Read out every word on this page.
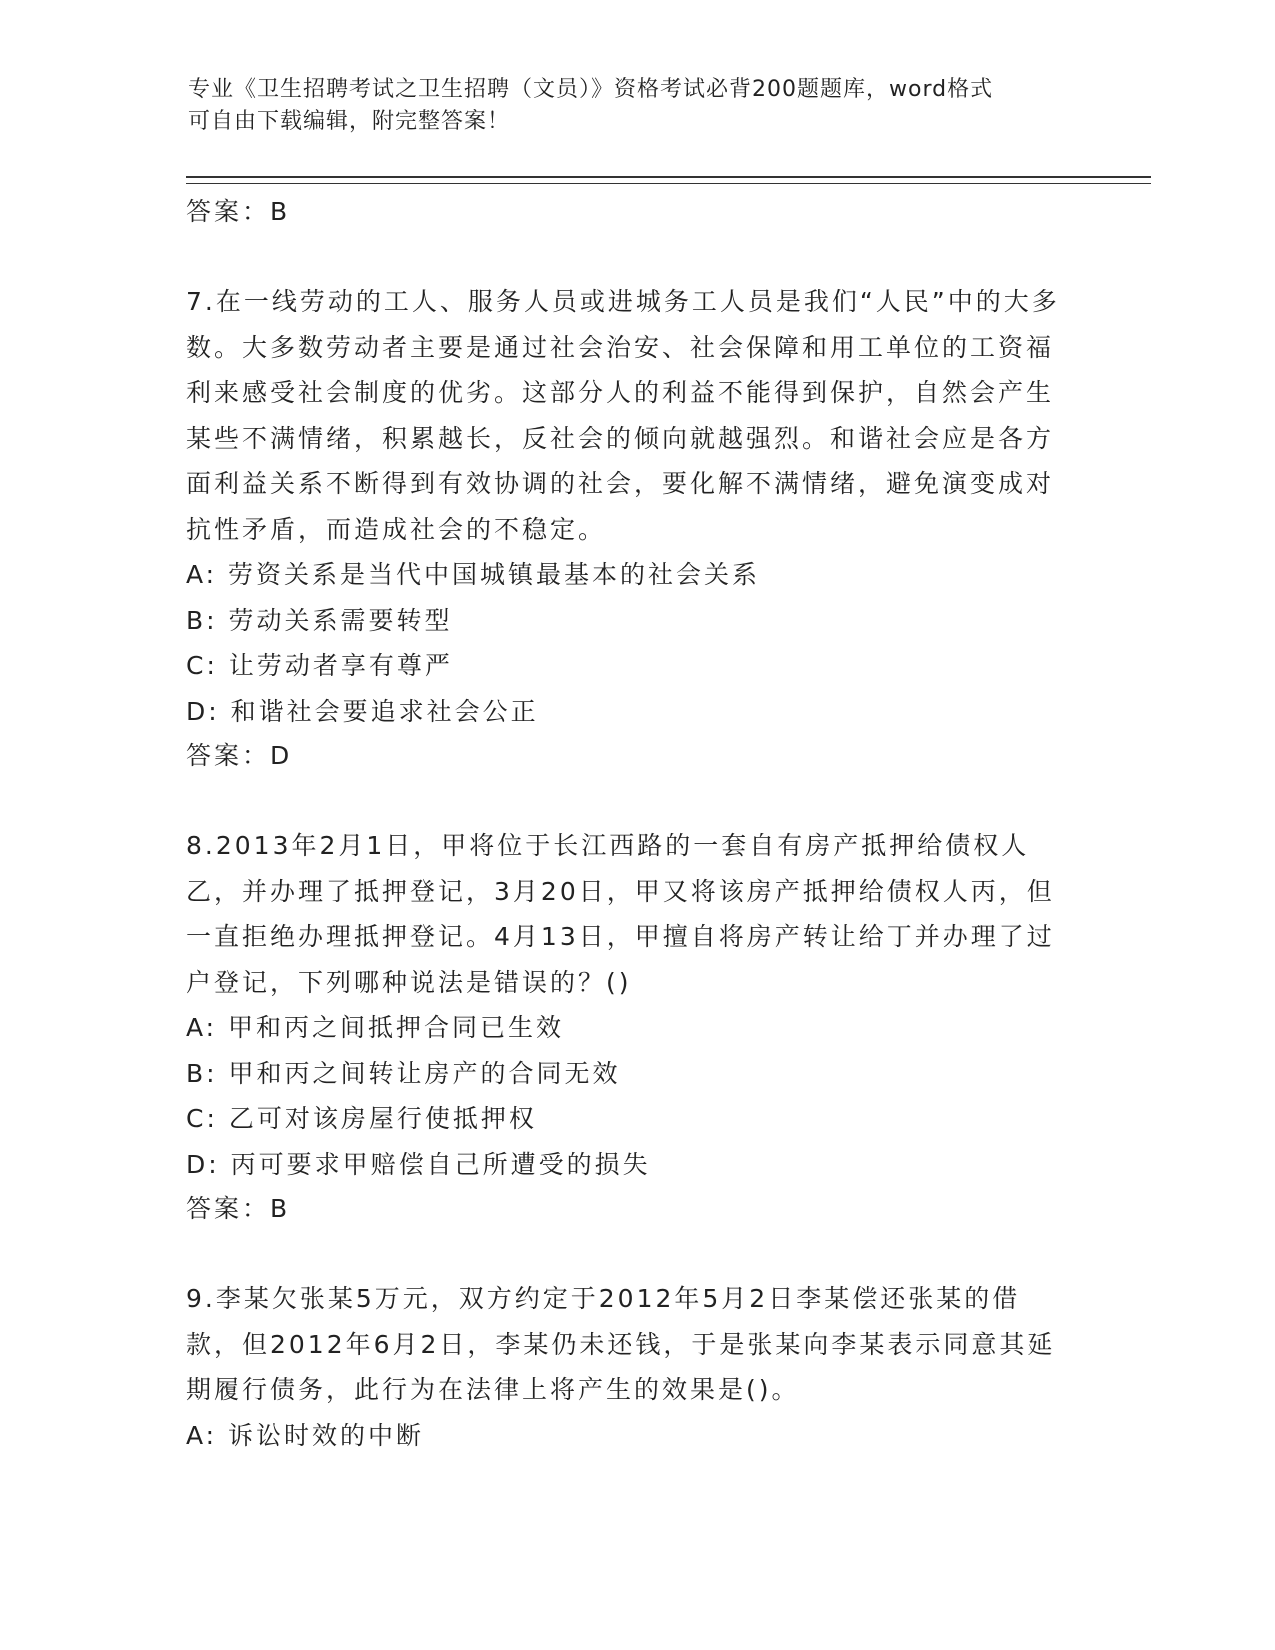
专业《卫生招聘考试之卫生招聘（文员）》资格考试必背200题题库，word格式
可自由下载编辑，附完整答案！
答案：B

7.在一线劳动的工人、服务人员或进城务工人员是我们“人民”中的大多数。大多数劳动者主要是通过社会治安、社会保障和用工单位的工资福利来感受社会制度的优劣。这部分人的利益不能得到保护，自然会产生某些不满情绪，积累越长，反社会的倾向就越强烈。和谐社会应是各方面利益关系不断得到有效协调的社会，要化解不满情绪，避免演变成对抗性矛盾，而造成社会的不稳定。

A: 劳资关系是当代中国城镇最基本的社会关系
B: 劳动关系需要转型
C: 让劳动者享有尊严
D: 和谐社会要追求社会公正
答案：D

8.2013年2月1日，甲将位于长江西路的一套自有房产抵押给债权人乙，并办理了抵押登记，3月20日，甲又将该房产抵押给债权人丙，但一直拒绝办理抵押登记。4月13日，甲擅自将房产转让给丁并办理了过户登记，下列哪种说法是错误的？()

A: 甲和丙之间抵押合同已生效
B: 甲和丙之间转让房产的合同无效
C: 乙可对该房屋行使抵押权
D: 丙可要求甲赔偿自己所遭受的损失
答案：B

9.李某欠张某5万元，双方约定于2012年5月2日李某偿还张某的借款，但2012年6月2日，李某仍未还钱，于是张某向李某表示同意其延期履行债务，此行为在法律上将产生的效果是()。

A: 诉讼时效的中断
